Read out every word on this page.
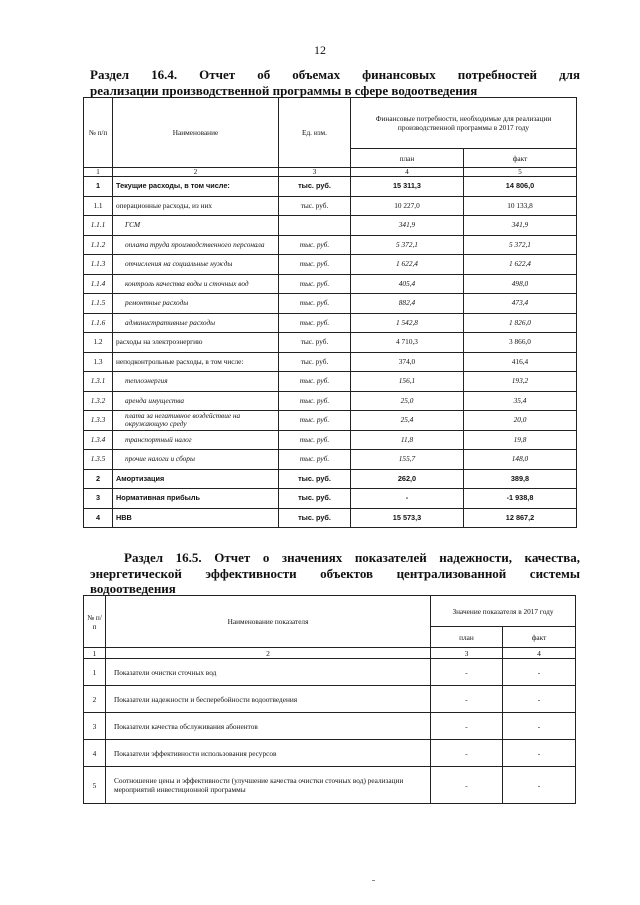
12
Раздел 16.4. Отчет об объемах финансовых потребностей для
реализации производственной программы в сфере водоотведения
№ п/п	Наименование	Ед. изм.	Финансовые потребности, необходимые для реализации производственной программы в 2017 году	
			план	факт
1	2	3	4	5
1	Текущие расходы, в том числе:	тыс. руб.	15 311,3	14 806,0
1.1	операционные расходы, из них	тыс. руб.	10 227,0	10 133,8
1.1.1	ГСМ		341,9	341,9
1.1.2	оплата труда производственного персонала	тыс. руб.	5 372,1	5 372,1
1.1.3	отчисления на социальные нужды	тыс. руб.	1 622,4	1 622,4
1.1.4	контроль качества воды и сточных вод	тыс. руб.	405,4	498,0
1.1.5	ремонтные расходы	тыс. руб.	882,4	473,4
1.1.6	административные расходы	тыс. руб.	1 542,8	1 826,0
1.2	расходы на электроэнергию	тыс. руб.	4 710,3	3 866,0
1.3	неподконтрольные расходы, в том числе:	тыс. руб.	374,0	416,4
1.3.1	теплоэнергия	тыс. руб.	156,1	193,2
1.3.2	аренда имущества	тыс. руб.	25,0	35,4
1.3.3	плата за негативное воздействие на окружающую среду	тыс. руб.	25,4	20,0
1.3.4	транспортный налог	тыс. руб.	11,8	19,8
1.3.5	прочие налоги и сборы	тыс. руб.	155,7	148,0
2	Амортизация	тыс. руб.	262,0	389,8
3	Нормативная прибыль	тыс. руб.	-	-1 938,8
4	НВВ	тыс. руб.	15 573,3	12 867,2
Раздел 16.5. Отчет о значениях показателей надежности, качества,
энергетической эффективности объектов централизованной системы
водоотведения
№ п/п	Наименование показателя	Значение показателя в 2017 году	
		план	факт
1	2	3	4
1	Показатели очистки сточных вод	-	-
2	Показатели надежности и бесперебойности водоотведения	-	-
3	Показатели качества обслуживания абонентов	-	-
4	Показатели эффективности использования ресурсов	-	-
5	Соотношение цены и эффективности (улучшение качества очистки сточных вод) реализации мероприятий инвестиционной программы	-	-
